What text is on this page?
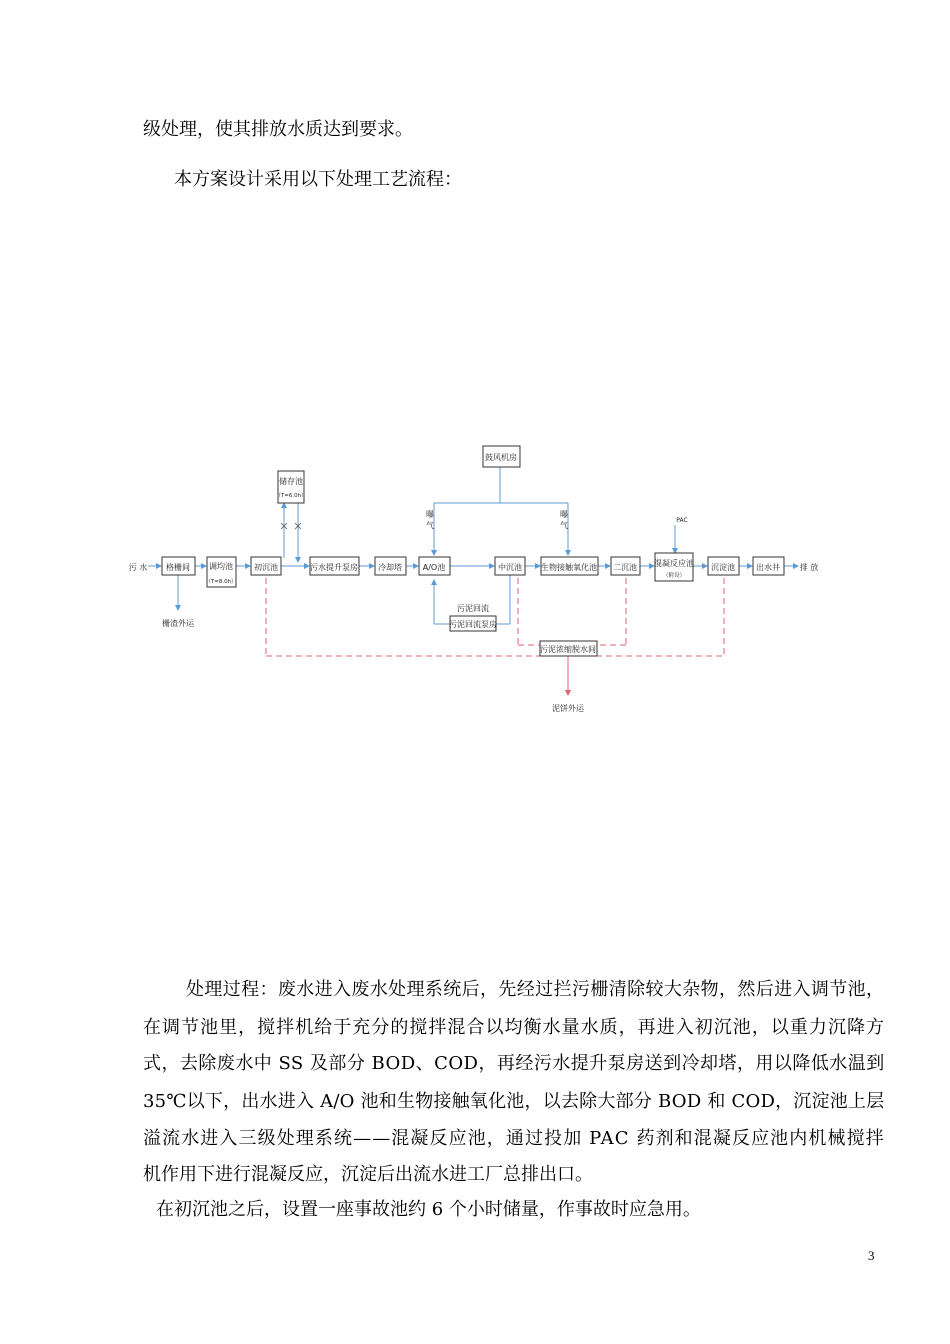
级处理，使其排放水质达到要求。
本方案设计采用以下处理工艺流程：
污 水 格栅间
栅渣外运
调均池
（T=8.0h）
初沉池
储存池
（T=6.0h）
污水提升泵房	冷却塔	A/O池	中沉池 生物接触氧化池 二沉池 混凝反应池
（附设）
沉淀池	出水井 排 放
鼓风机房
PAC
污泥回流
污泥回流泵房
污泥浓缩脱水间
泥饼外运
曝气
曝气
处理过程：废水进入废水处理系统后，先经过拦污栅清除较大杂物，然后进入调节池，
在调节池里，搅拌机给于充分的搅拌混合以均衡水量水质，再进入初沉池，以重力沉降方
式，去除废水中 SS 及部分 BOD、COD，再经污水提升泵房送到冷却塔，用以降低水温到
35℃以下，出水进入 A/O 池和生物接触氧化池，以去除大部分 BOD 和 COD，沉淀池上层
溢流水进入三级处理系统——混凝反应池，通过投加 PAC 药剂和混凝反应池内机械搅拌
机作用下进行混凝反应，沉淀后出流水进工厂总排出口。
在初沉池之后，设置一座事故池约 6 个小时储量，作事故时应急用。
3
